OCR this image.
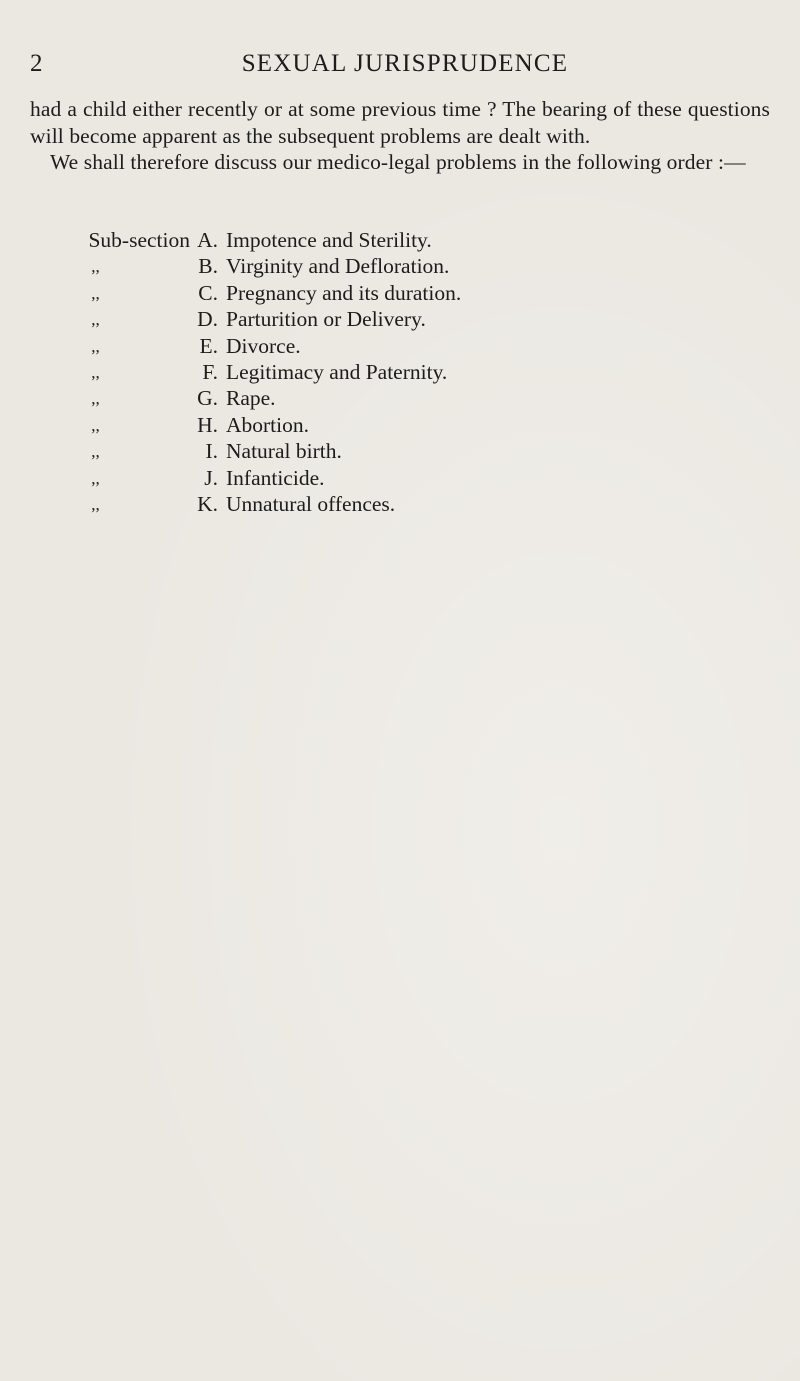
2	SEXUAL JURISPRUDENCE

had a child either recently or at some previous time ? The bearing of these questions will become apparent as the subsequent problems are dealt with.

We shall therefore discuss our medico-legal problems in the following order :—

Sub-section A. Impotence and Sterility.
,,	B. Virginity and Defloration.
,,	C. Pregnancy and its duration.
,,	D. Parturition or Delivery.
,,	E. Divorce.
,,	F. Legitimacy and Paternity.
,,	G. Rape.
,,	H. Abortion.
,,	I. Natural birth.
,,	J. Infanticide.
,,	K. Unnatural offences.
